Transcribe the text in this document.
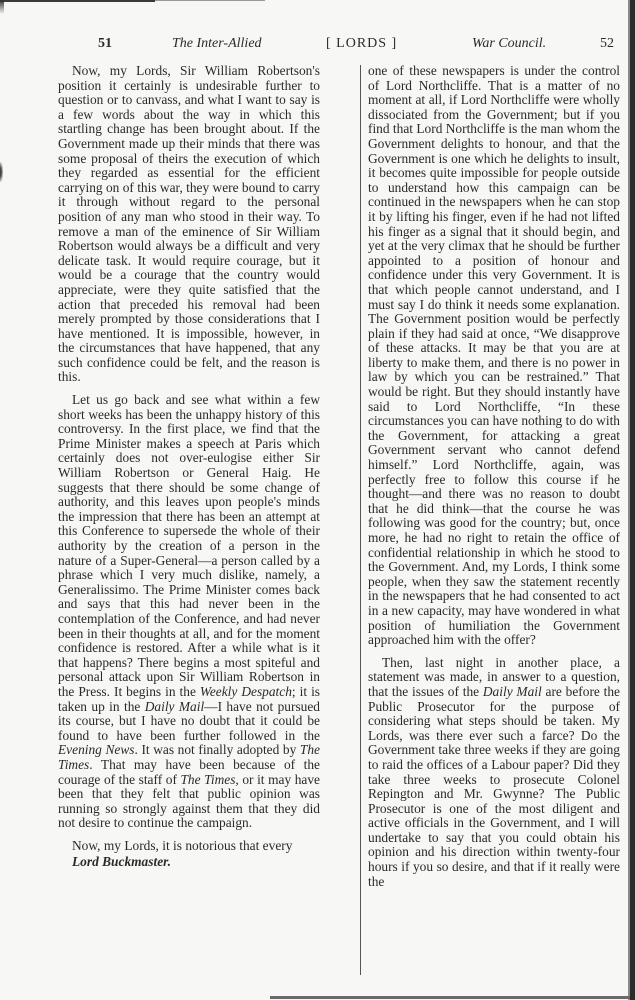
51	The Inter-Allied	[ LORDS ]	War Council.	52

Now, my Lords, Sir William Robertson's position it certainly is undesirable further to question or to canvass, and what I want to say is a few words about the way in which this startling change has been brought about. If the Government made up their minds that there was some proposal of theirs the execution of which they regarded as essential for the efficient carrying on of this war, they were bound to carry it through without regard to the personal position of any man who stood in their way. To remove a man of the eminence of Sir William Robertson would always be a difficult and very delicate task. It would require courage, but it would be a courage that the country would appreciate, were they quite satisfied that the action that preceded his removal had been merely prompted by those considerations that I have mentioned. It is impossible, however, in the circumstances that have happened, that any such confidence could be felt, and the reason is this.

Let us go back and see what within a few short weeks has been the unhappy history of this controversy. In the first place, we find that the Prime Minister makes a speech at Paris which certainly does not over-eulogise either Sir William Robertson or General Haig. He suggests that there should be some change of authority, and this leaves upon people's minds the impression that there has been an attempt at this Conference to supersede the whole of their authority by the creation of a person in the nature of a Super-General—a person called by a phrase which I very much dislike, namely, a Generalissimo. The Prime Minister comes back and says that this had never been in the contemplation of the Conference, and had never been in their thoughts at all, and for the moment confidence is restored. After a while what is it that happens? There begins a most spiteful and personal attack upon Sir William Robertson in the Press. It begins in the Weekly Despatch; it is taken up in the Daily Mail—I have not pursued its course, but I have no doubt that it could be found to have been further followed in the Evening News. It was not finally adopted by The Times. That may have been because of the courage of the staff of The Times, or it may have been that they felt that public opinion was running so strongly against them that they did not desire to continue the campaign.

Now, my Lords, it is notorious that every

Lord Buckmaster.

one of these newspapers is under the control of Lord Northcliffe. That is a matter of no moment at all, if Lord Northcliffe were wholly dissociated from the Government; but if you find that Lord Northcliffe is the man whom the Government delights to honour, and that the Government is one which he delights to insult, it becomes quite impossible for people outside to understand how this campaign can be continued in the newspapers when he can stop it by lifting his finger, even if he had not lifted his finger as a signal that it should begin, and yet at the very climax that he should be further appointed to a position of honour and confidence under this very Government. It is that which people cannot understand, and I must say I do think it needs some explanation. The Government position would be perfectly plain if they had said at once, “We disapprove of these attacks. It may be that you are at liberty to make them, and there is no power in law by which you can be restrained.” That would be right. But they should instantly have said to Lord Northcliffe, “In these circumstances you can have nothing to do with the Government, for attacking a great Government servant who cannot defend himself.” Lord Northcliffe, again, was perfectly free to follow this course if he thought—and there was no reason to doubt that he did think—that the course he was following was good for the country; but, once more, he had no right to retain the office of confidential relationship in which he stood to the Government. And, my Lords, I think some people, when they saw the statement recently in the newspapers that he had consented to act in a new capacity, may have wondered in what position of humiliation the Government approached him with the offer?

Then, last night in another place, a statement was made, in answer to a question, that the issues of the Daily Mail are before the Public Prosecutor for the purpose of considering what steps should be taken. My Lords, was there ever such a farce? Do the Government take three weeks if they are going to raid the offices of a Labour paper? Did they take three weeks to prosecute Colonel Repington and Mr. Gwynne? The Public Prosecutor is one of the most diligent and active officials in the Government, and I will undertake to say that you could obtain his opinion and his direction within twenty-four hours if you so desire, and that if it really were the
